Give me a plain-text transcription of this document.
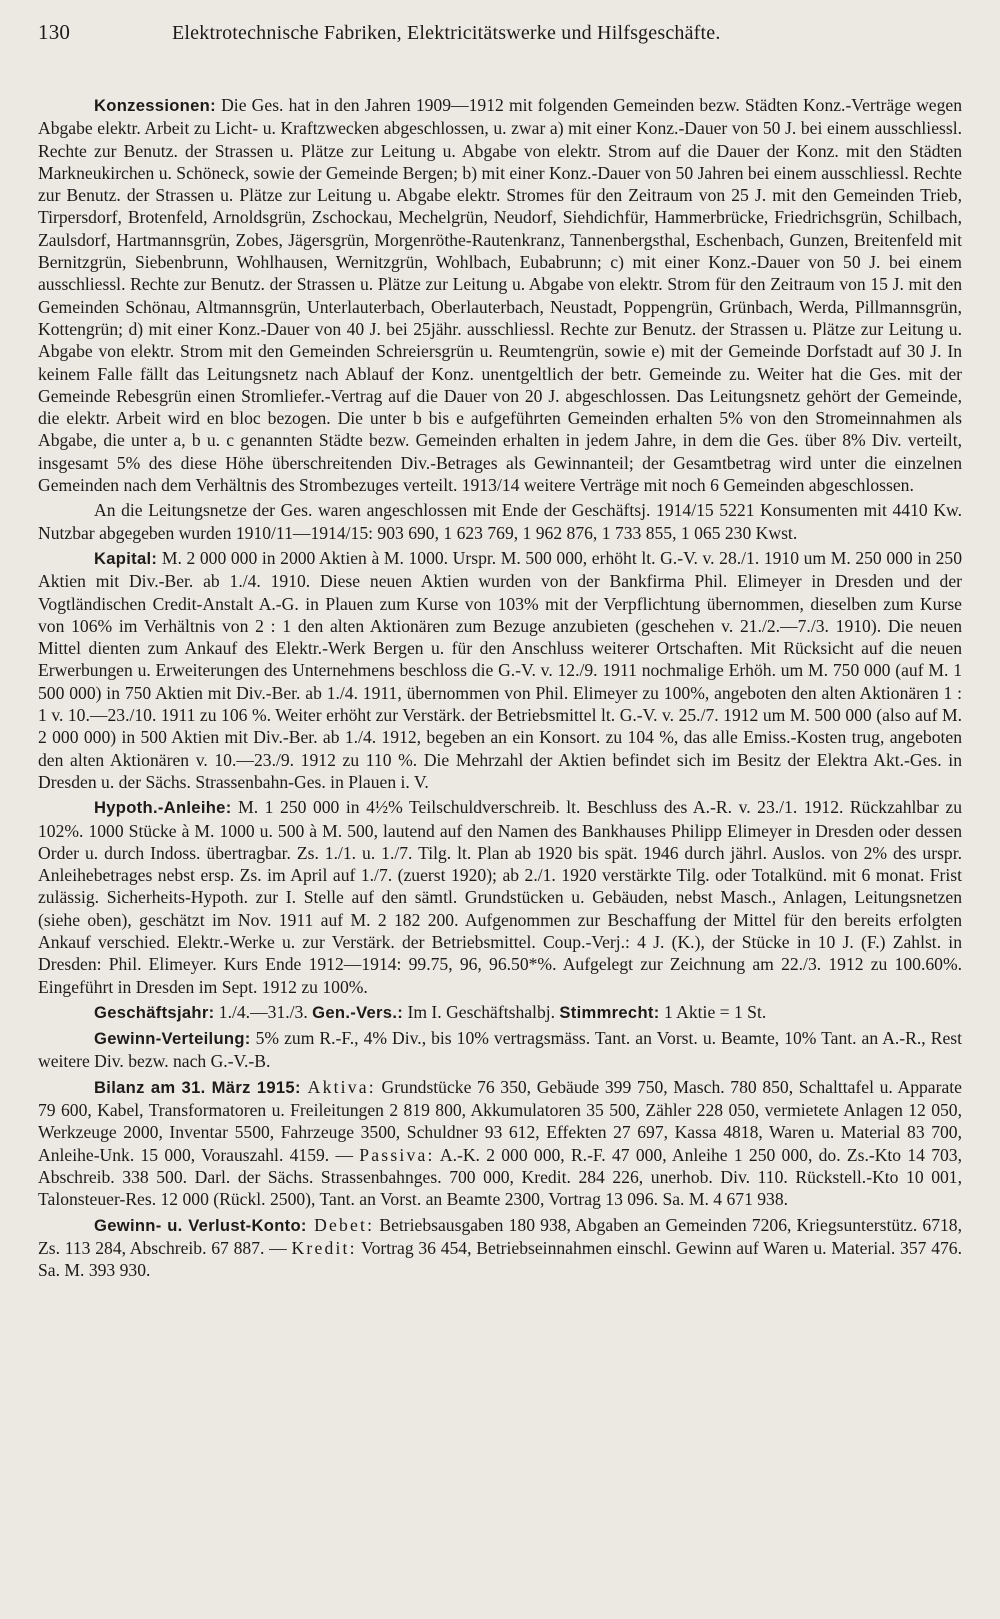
130	Elektrotechnische Fabriken, Elektricitätswerke und Hilfsgeschäfte.

Konzessionen: Die Ges. hat in den Jahren 1909—1912 mit folgenden Gemeinden bezw. Städten Konz.-Verträge wegen Abgabe elektr. Arbeit zu Licht- u. Kraftzwecken abgeschlossen, u. zwar a) mit einer Konz.-Dauer von 50 J. bei einem ausschliessl. Rechte zur Benutz. der Strassen u. Plätze zur Leitung u. Abgabe von elektr. Strom auf die Dauer der Konz. mit den Städten Markneukirchen u. Schöneck, sowie der Gemeinde Bergen; b) mit einer Konz.-Dauer von 50 Jahren bei einem ausschliessl. Rechte zur Benutz. der Strassen u. Plätze zur Leitung u. Abgabe elektr. Stromes für den Zeitraum von 25 J. mit den Gemeinden Trieb, Tirpersdorf, Brotenfeld, Arnoldsgrün, Zschockau, Mechelgrün, Neudorf, Siehdichfür, Hammerbrücke, Friedrichsgrün, Schilbach, Zaulsdorf, Hartmannsgrün, Zobes, Jägersgrün, Morgenröthe-Rautenkranz, Tannenbergsthal, Eschenbach, Gunzen, Breitenfeld mit Bernitzgrün, Siebenbrunn, Wohlhausen, Wernitzgrün, Wohlbach, Eubabrunn; c) mit einer Konz.-Dauer von 50 J. bei einem ausschliessl. Rechte zur Benutz. der Strassen u. Plätze zur Leitung u. Abgabe von elektr. Strom für den Zeitraum von 15 J. mit den Gemeinden Schönau, Altmannsgrün, Unterlauterbach, Oberlauterbach, Neustadt, Poppengrün, Grünbach, Werda, Pillmannsgrün, Kottengrün; d) mit einer Konz.-Dauer von 40 J. bei 25jähr. ausschliessl. Rechte zur Benutz. der Strassen u. Plätze zur Leitung u. Abgabe von elektr. Strom mit den Gemeinden Schreiersgrün u. Reumtengrün, sowie e) mit der Gemeinde Dorfstadt auf 30 J. In keinem Falle fällt das Leitungsnetz nach Ablauf der Konz. unentgeltlich der betr. Gemeinde zu. Weiter hat die Ges. mit der Gemeinde Rebesgrün einen Stromliefer.-Vertrag auf die Dauer von 20 J. abgeschlossen. Das Leitungsnetz gehört der Gemeinde, die elektr. Arbeit wird en bloc bezogen. Die unter b bis e aufgeführten Gemeinden erhalten 5% von den Stromeinnahmen als Abgabe, die unter a, b u. c genannten Städte bezw. Gemeinden erhalten in jedem Jahre, in dem die Ges. über 8% Div. verteilt, insgesamt 5% des diese Höhe überschreitenden Div.-Betrages als Gewinnanteil; der Gesamtbetrag wird unter die einzelnen Gemeinden nach dem Verhältnis des Strombezuges verteilt. 1913/14 weitere Verträge mit noch 6 Gemeinden abgeschlossen.

An die Leitungsnetze der Ges. waren angeschlossen mit Ende der Geschäftsj. 1914/15 5221 Konsumenten mit 4410 Kw. Nutzbar abgegeben wurden 1910/11—1914/15: 903 690, 1 623 769, 1 962 876, 1 733 855, 1 065 230 Kwst.

Kapital: M. 2 000 000 in 2000 Aktien à M. 1000. Urspr. M. 500 000, erhöht lt. G.-V. v. 28./1. 1910 um M. 250 000 in 250 Aktien mit Div.-Ber. ab 1./4. 1910. Diese neuen Aktien wurden von der Bankfirma Phil. Elimeyer in Dresden und der Vogtländischen Credit-Anstalt A.-G. in Plauen zum Kurse von 103% mit der Verpflichtung übernommen, dieselben zum Kurse von 106% im Verhältnis von 2 : 1 den alten Aktionären zum Bezuge anzubieten (geschehen v. 21./2.—7./3. 1910). Die neuen Mittel dienten zum Ankauf des Elektr.-Werk Bergen u. für den Anschluss weiterer Ortschaften. Mit Rücksicht auf die neuen Erwerbungen u. Erweiterungen des Unternehmens beschloss die G.-V. v. 12./9. 1911 nochmalige Erhöh. um M. 750 000 (auf M. 1 500 000) in 750 Aktien mit Div.-Ber. ab 1./4. 1911, übernommen von Phil. Elimeyer zu 100%, angeboten den alten Aktionären 1 : 1 v. 10.—23./10. 1911 zu 106 %. Weiter erhöht zur Verstärk. der Betriebsmittel lt. G.-V. v. 25./7. 1912 um M. 500 000 (also auf M. 2 000 000) in 500 Aktien mit Div.-Ber. ab 1./4. 1912, begeben an ein Konsort. zu 104 %, das alle Emiss.-Kosten trug, angeboten den alten Aktionären v. 10.—23./9. 1912 zu 110 %. Die Mehrzahl der Aktien befindet sich im Besitz der Elektra Akt.-Ges. in Dresden u. der Sächs. Strassenbahn-Ges. in Plauen i. V.

Hypoth.-Anleihe: M. 1 250 000 in 4½% Teilschuldverschreib. lt. Beschluss des A.-R. v. 23./1. 1912. Rückzahlbar zu 102%. 1000 Stücke à M. 1000 u. 500 à M. 500, lautend auf den Namen des Bankhauses Philipp Elimeyer in Dresden oder dessen Order u. durch Indoss. übertragbar. Zs. 1./1. u. 1./7. Tilg. lt. Plan ab 1920 bis spät. 1946 durch jährl. Auslos. von 2% des urspr. Anleihebetrages nebst ersp. Zs. im April auf 1./7. (zuerst 1920); ab 2./1. 1920 verstärkte Tilg. oder Totalkünd. mit 6 monat. Frist zulässig. Sicherheits-Hypoth. zur I. Stelle auf den sämtl. Grundstücken u. Gebäuden, nebst Masch., Anlagen, Leitungsnetzen (siehe oben), geschätzt im Nov. 1911 auf M. 2 182 200. Aufgenommen zur Beschaffung der Mittel für den bereits erfolgten Ankauf verschied. Elektr.-Werke u. zur Verstärk. der Betriebsmittel. Coup.-Verj.: 4 J. (K.), der Stücke in 10 J. (F.) Zahlst. in Dresden: Phil. Elimeyer. Kurs Ende 1912—1914: 99.75, 96, 96.50*%. Aufgelegt zur Zeichnung am 22./3. 1912 zu 100.60%. Eingeführt in Dresden im Sept. 1912 zu 100%.

Geschäftsjahr: 1./4.—31./3. Gen.-Vers.: Im I. Geschäftshalbj. Stimmrecht: 1 Aktie = 1 St.

Gewinn-Verteilung: 5% zum R.-F., 4% Div., bis 10% vertragsmäss. Tant. an Vorst. u. Beamte, 10% Tant. an A.-R., Rest weitere Div. bezw. nach G.-V.-B.

Bilanz am 31. März 1915: Aktiva: Grundstücke 76 350, Gebäude 399 750, Masch. 780 850, Schalttafel u. Apparate 79 600, Kabel, Transformatoren u. Freileitungen 2 819 800, Akkumulatoren 35 500, Zähler 228 050, vermietete Anlagen 12 050, Werkzeuge 2000, Inventar 5500, Fahrzeuge 3500, Schuldner 93 612, Effekten 27 697, Kassa 4818, Waren u. Material 83 700, Anleihe-Unk. 15 000, Vorauszahl. 4159. — Passiva: A.-K. 2 000 000, R.-F. 47 000, Anleihe 1 250 000, do. Zs.-Kto 14 703, Abschreib. 338 500. Darl. der Sächs. Strassenbahnges. 700 000, Kredit. 284 226, unerhob. Div. 110. Rückstell.-Kto 10 001, Talonsteuer-Res. 12 000 (Rückl. 2500), Tant. an Vorst. an Beamte 2300, Vortrag 13 096. Sa. M. 4 671 938.

Gewinn- u. Verlust-Konto: Debet: Betriebsausgaben 180 938, Abgaben an Gemeinden 7206, Kriegsunterstütz. 6718, Zs. 113 284, Abschreib. 67 887. — Kredit: Vortrag 36 454, Betriebseinnahmen einschl. Gewinn auf Waren u. Material. 357 476. Sa. M. 393 930.
